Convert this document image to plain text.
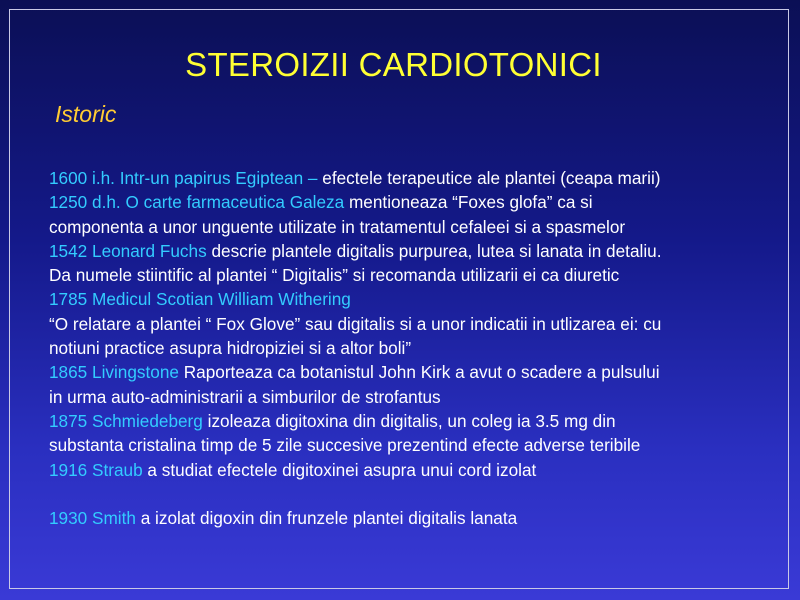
STEROIZII CARDIOTONICI
Istoric
1600 i.h. Intr-un papirus Egiptean – efectele terapeutice ale plantei (ceapa marii)
1250 d.h. O carte farmaceutica Galeza mentioneaza “Foxes glofa” ca si
componenta a unor unguente utilizate in tratamentul cefaleei si a spasmelor
1542 Leonard Fuchs descrie plantele digitalis purpurea, lutea si lanata in detaliu.
Da numele stiintific al plantei “ Digitalis” si recomanda utilizarii ei ca diuretic
1785 Medicul Scotian William Withering
“O relatare a plantei “ Fox Glove” sau digitalis si a unor indicatii in utlizarea ei: cu
notiuni practice asupra hidropiziei si a altor boli”
1865 Livingstone Raporteaza ca botanistul John Kirk a avut o scadere a pulsului
in urma auto-administrarii a simburilor de strofantus
1875 Schmiedeberg izoleaza digitoxina din digitalis, un coleg ia 3.5 mg din
substanta cristalina timp de 5 zile succesive prezentind efecte adverse teribile
1916 Straub a studiat efectele digitoxinei asupra unui cord izolat
1930 Smith a izolat digoxin din frunzele plantei digitalis lanata
